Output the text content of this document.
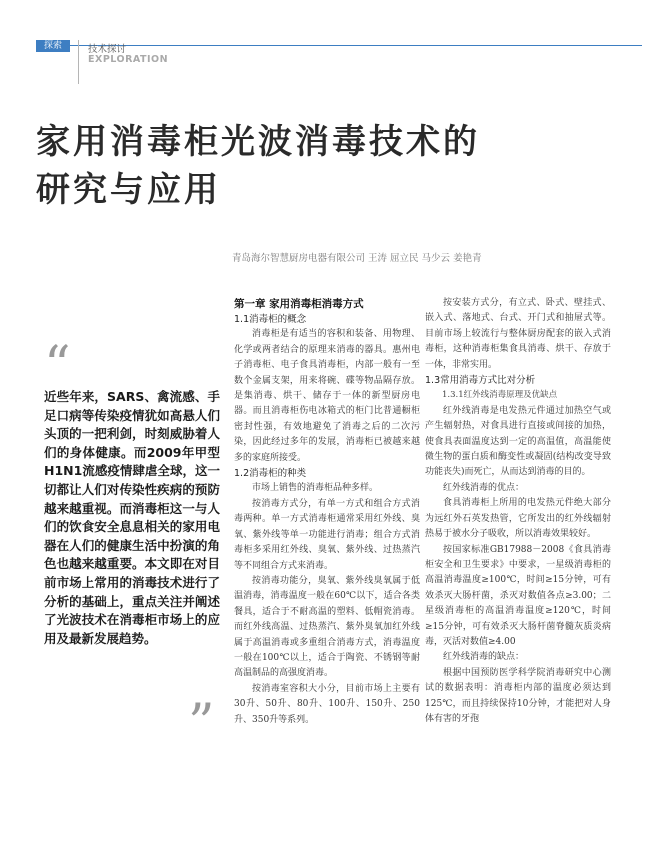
探索	技术探讨
EXPLORATION
家用消毒柜光波消毒技术的
研究与应用
青岛海尔智慧厨房电器有限公司 王涛 屈立民 马少云 姜艳青
“
近些年来，SARS、禽流感、手足口病等传染疫情犹如高悬人们头顶的一把利剑，时刻威胁着人们的身体健康。而2009年甲型H1N1流感疫情肆虐全球，这一切都让人们对传染性疾病的预防越来越重视。而消毒柜这一与人们的饮食安全息息相关的家用电器在人们的健康生活中扮演的角色也越来越重要。本文即在对目前市场上常用的消毒技术进行了分析的基础上，重点关注并阐述了光波技术在消毒柜市场上的应用及最新发展趋势。
”
第一章 家用消毒柜消毒方式
1.1消毒柜的概念

消毒柜是有适当的容积和装备、用物理、化学或两者结合的原理来消毒的器具。惠州电子消毒柜、电子食具消毒柜，内部一般有一至数个金属支架，用来将碗、碟等物品隔存放。是集消毒、烘干、储存于一体的新型厨房电器。而且消毒柜伤电冰箱式的柜门比普通橱柜密封性强，有效地避免了消毒之后的二次污染，因此经过多年的发展，消毒柜已被越来越多的家庭所接受。

1.2消毒柜的种类

市场上销售的消毒柜品种多样。

按消毒方式分，有单一方式和组合方式消毒两种。单一方式消毒柜通常采用红外线、臭氧、紫外线等单一功能进行消毒；组合方式消毒柜多采用红外线、臭氧、紫外线、过热蒸汽等不同组合方式来消毒。

按消毒功能分，臭氧、紫外线臭氧属于低温消毒，消毒温度一般在60℃以下，适合各类餐具，适合于不耐高温的塑料、低帽瓷消毒。而红外线高温、过热蒸汽、紫外臭氧加红外线属于高温消毒或多重组合消毒方式，消毒温度一般在100℃以上，适合于陶瓷、不锈钢等耐高温制品的高强度消毒。

按消毒室容积大小分，目前市场上主要有30升、50升、80升、100升、150升、250升、350升等系列。

按安装方式分，有立式、卧式、壁挂式、嵌入式、落地式、台式、开门式和抽屉式等。目前市场上较流行与整体厨房配套的嵌入式消毒柜，这种消毒柜集食具消毒、烘干、存放于一体，非常实用。

1.3常用消毒方式比对分析
1.3.1红外线消毒原理及优缺点

红外线消毒是电发热元件通过加热空气或产生辐射热，对食具进行直接或间接的加热，使食具表面温度达到一定的高温值，高温能使微生物的蛋白质和酶变性或凝固(结构改变导致功能丧失)而死亡，从而达到消毒的目的。

红外线消毒的优点：

食具消毒柜上所用的电发热元件绝大部分为远红外石英发热管，它所发出的红外线辐射热易于被水分子吸收，所以消毒效果较好。

按国家标准GB17988－2008《食具消毒柜安全和卫生要求》中要求，一星级消毒柜的高温消毒温度≥100℃，时间≥15分钟，可有效杀灭大肠杆菌，杀灭对数值各点≥3.00；二星级消毒柜的高温消毒温度≥120℃，时间≥15分钟，可有效杀灭大肠杆菌脊髓灰质炎病毒，灭活对数值≥4.00

红外线消毒的缺点：

根据中国预防医学科学院消毒研究中心测试的数据表明：消毒柜内部的温度必须达到125℃，而且持续保持10分钟，才能把对人身体有害的牙孢
